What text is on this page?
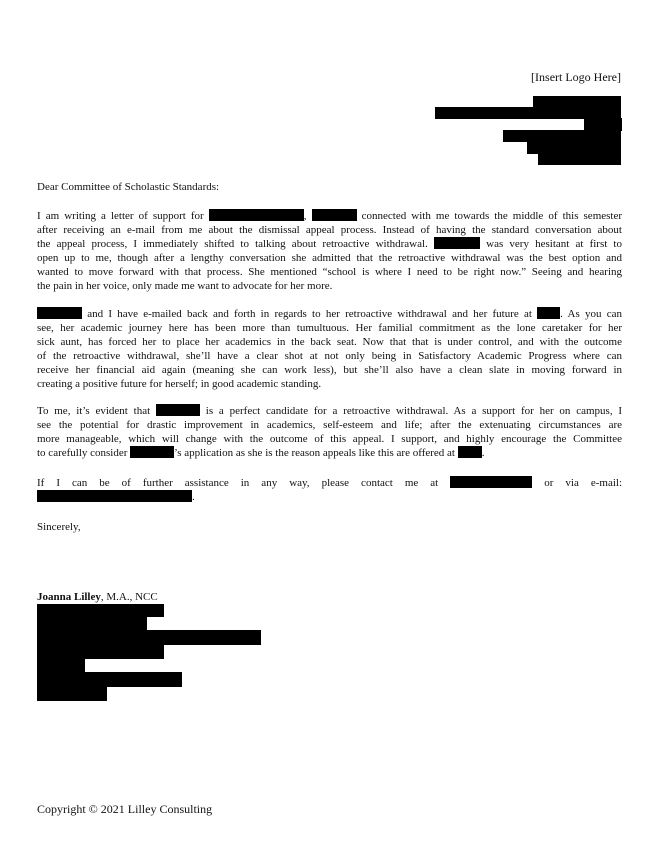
[Insert Logo Here]
Dear Committee of Scholastic Standards:
I am writing a letter of support for	,	connected with me towards the middle of this semester
after receiving an e-mail from me about the dismissal appeal process. Instead of having the standard conversation about
the appeal process, I immediately shifted to talking about retroactive withdrawal.	was very hesitant at first to
open up to me, though after a lengthy conversation she admitted that the retroactive withdrawal was the best option and
wanted to move forward with that process. She mentioned “school is where I need to be right now.” Seeing and hearing
the pain in her voice, only made me want to advocate for her more.
and I have e-mailed back and forth in regards to her retroactive withdrawal and her future at	. As you can
see, her academic journey here has been more than tumultuous. Her familial commitment as the lone caretaker for her
sick aunt, has forced her to place her academics in the back seat. Now that that is under control, and with the outcome
of the retroactive withdrawal, she’ll have a clear shot at not only being in Satisfactory Academic Progress where can
receive her financial aid again (meaning she can work less), but she’ll also have a clean slate in moving forward in
creating a positive future for herself; in good academic standing.
To me, it’s evident that	is a perfect candidate for a retroactive withdrawal. As a support for her on campus, I
see the potential for drastic improvement in academics, self-esteem and life; after the extenuating circumstances are
more manageable, which will change with the outcome of this appeal. I support, and highly encourage the Committee
to carefully consider	’s application as she is the reason appeals like this are offered at .
If I can be of further assistance in any way, please contact me at	or via e-mail:
.
Sincerely,
Joanna Lilley, M.A., NCC
Copyright © 2021 Lilley Consulting
